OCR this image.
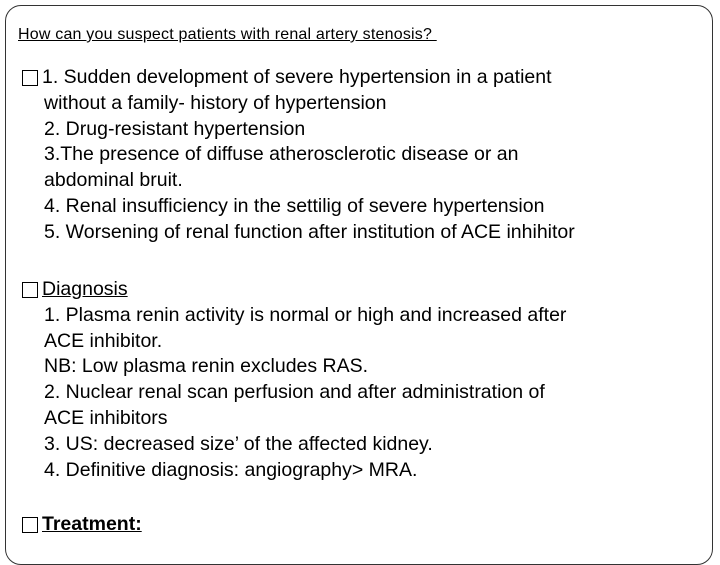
How can you suspect patients with renal artery stenosis?
1. Sudden development of severe hypertension in a patient
without a family- history of hypertension
2. Drug-resistant hypertension
3.The presence of diffuse atherosclerotic disease or an
abdominal bruit.
4. Renal insufficiency in the settilig of severe hypertension
5. Worsening of renal function after institution of ACE inhihitor
Diagnosis
1. Plasma renin activity is normal or high and increased after
ACE inhibitor.
NB: Low plasma renin excludes RAS.
2. Nuclear renal scan perfusion and after administration of
ACE inhibitors
3. US: decreased size’ of the affected kidney.
4. Definitive diagnosis: angiography> MRA.
Treatment:
